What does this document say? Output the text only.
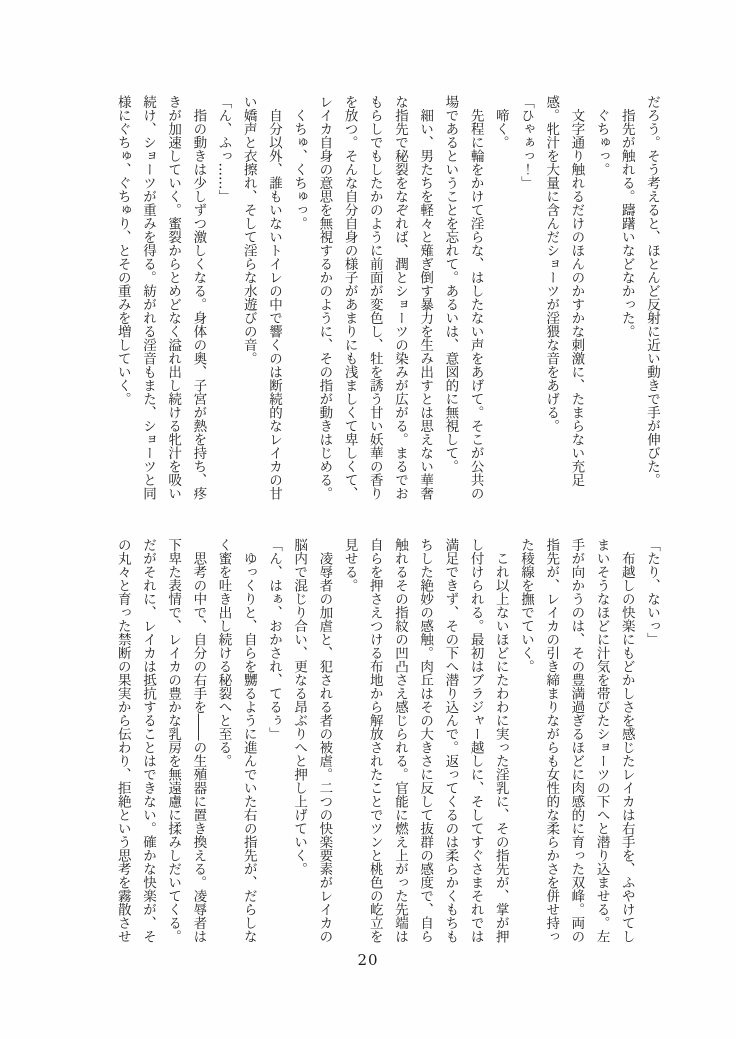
だろう。そう考えると、ほとんど反射に近い動きで手が伸びた。
　指先が触れる。躊躇いなどなかった。
　ぐちゅっ。
　文字通り触れるだけのほんのかすかな刺激に、たまらない充足
感。牝汁を大量に含んだショーツが淫猥な音をあげる。
「ひゃぁっ！」
　啼く。
　先程に輪をかけて淫らな、はしたない声をあげて。そこが公共の
場であるということを忘れて。あるいは、意図的に無視して。
　細い、男たちを軽々と薙ぎ倒す暴力を生み出すとは思えない華奢
な指先で秘裂をなぞれば、潤とショーツの染みが広がる。まるでお
もらしでもしたかのように前面が変色し、牡を誘う甘い妖華の香り
を放つ。そんな自分自身の様子があまりにも浅ましくて卑しくて、
レイカ自身の意思を無視するかのように、その指が動きはじめる。
　くちゅ、くちゅっ。
　自分以外、誰もいないトイレの中で響くのは断続的なレイカの甘
い嬌声と衣擦れ、そして淫らな水遊びの音。
「ん、ふっ……」
　指の動きは少しずつ激しくなる。身体の奥、子宮が熱を持ち、疼
きが加速していく。蜜裂からとめどなく溢れ出し続ける牝汁を吸い
続け、ショーツが重みを得る。紡がれる淫音もまた、ショーツと同
様にぐちゅ、ぐちゅり、とその重みを増していく。
「たり、ないっ」
　布越しの快楽にもどかしさを感じたレイカは右手を、ふやけてし
まいそうなほどに汁気を帯びたショーツの下へと潜り込ませる。左
手が向かうのは、その豊満過ぎるほどに肉感的に育った双峰。両の
指先が、レイカの引き締まりながらも女性的な柔らかさを併せ持っ
た稜線を撫でていく。
　これ以上ないほどにたわわに実った淫乳に、その指先が、掌が押
し付けられる。最初はブラジャー越しに、そしてすぐさまそれでは
満足できず、その下へ潜り込んで。返ってくるのは柔らかくもちも
ちした絶妙の感触。肉丘はその大きさに反して抜群の感度で、自ら
触れるその指紋の凹凸さえ感じられる。官能に燃え上がった先端は
自らを押さえつける布地から解放されたことでツンと桃色の屹立を
見せる。
　凌辱者の加虐と、犯される者の被虐。二つの快楽要素がレイカの
脳内で混じり合い、更なる昂ぶりへと押し上げていく。
「ん、はぁ、おかされ、てるぅ」
　ゆっくりと、自らを嬲るように進んでいた右の指先が、だらしな
く蜜を吐き出し続ける秘裂へと至る。
　思考の中で、自分の右手を――の生殖器に置き換える。凌辱者は
下卑た表情で、レイカの豊かな乳房を無遠慮に揉みしだいてくる。
だがそれに、レイカは抵抗することはできない。確かな快楽が、そ
の丸々と育った禁断の果実から伝わり、拒絶という思考を霧散させ
20
